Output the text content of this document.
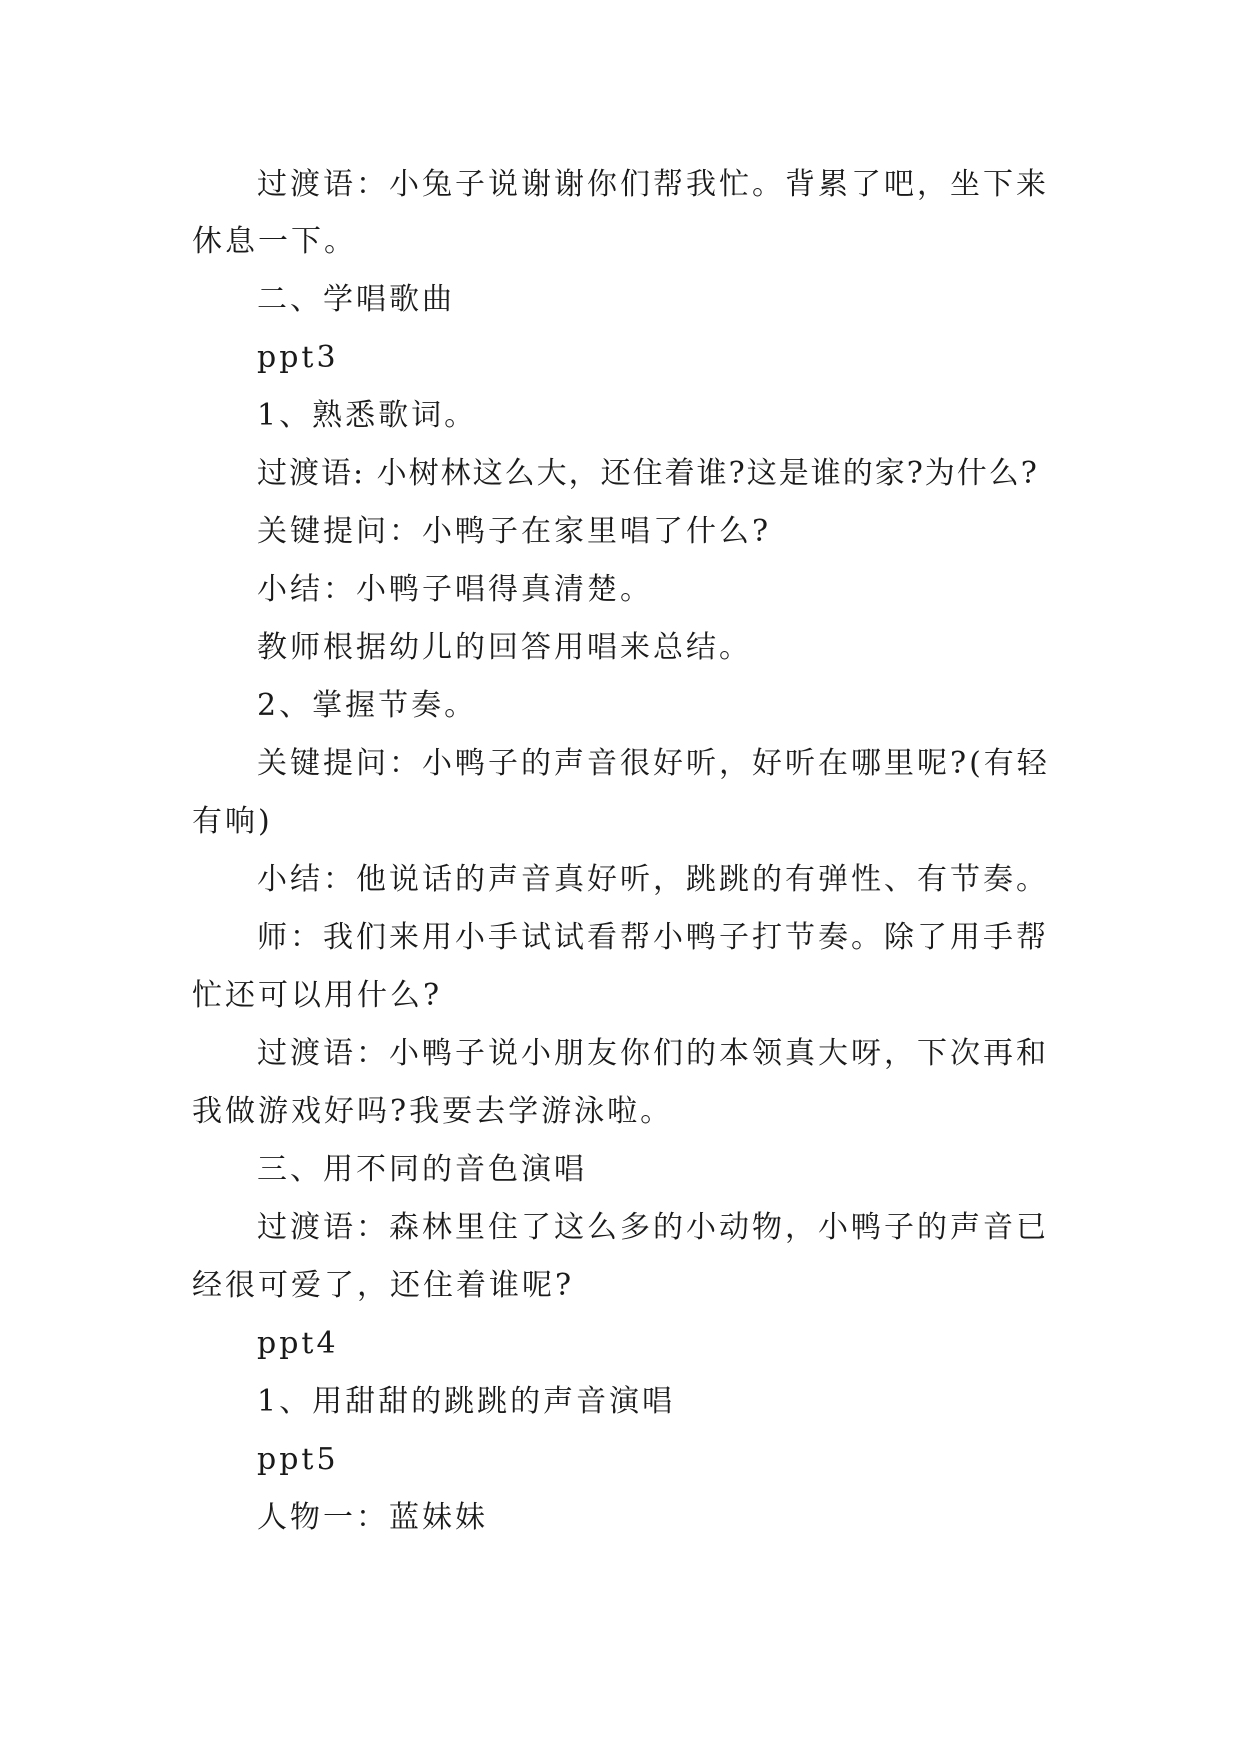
过渡语：小兔子说谢谢你们帮我忙。背累了吧，坐下来
休息一下。
二、学唱歌曲
ppt3
1、熟悉歌词。
过渡语: 小树林这么大，还住着谁?这是谁的家?为什么?
关键提问：小鸭子在家里唱了什么?
小结：小鸭子唱得真清楚。
教师根据幼儿的回答用唱来总结。
2、掌握节奏。
关键提问：小鸭子的声音很好听，好听在哪里呢?(有轻
有响)
小结：他说话的声音真好听，跳跳的有弹性、有节奏。
师：我们来用小手试试看帮小鸭子打节奏。除了用手帮
忙还可以用什么?
过渡语：小鸭子说小朋友你们的本领真大呀，下次再和
我做游戏好吗?我要去学游泳啦。
三、用不同的音色演唱
过渡语：森林里住了这么多的小动物，小鸭子的声音已
经很可爱了，还住着谁呢?
ppt4
1、用甜甜的跳跳的声音演唱
ppt5
人物一：蓝妹妹
